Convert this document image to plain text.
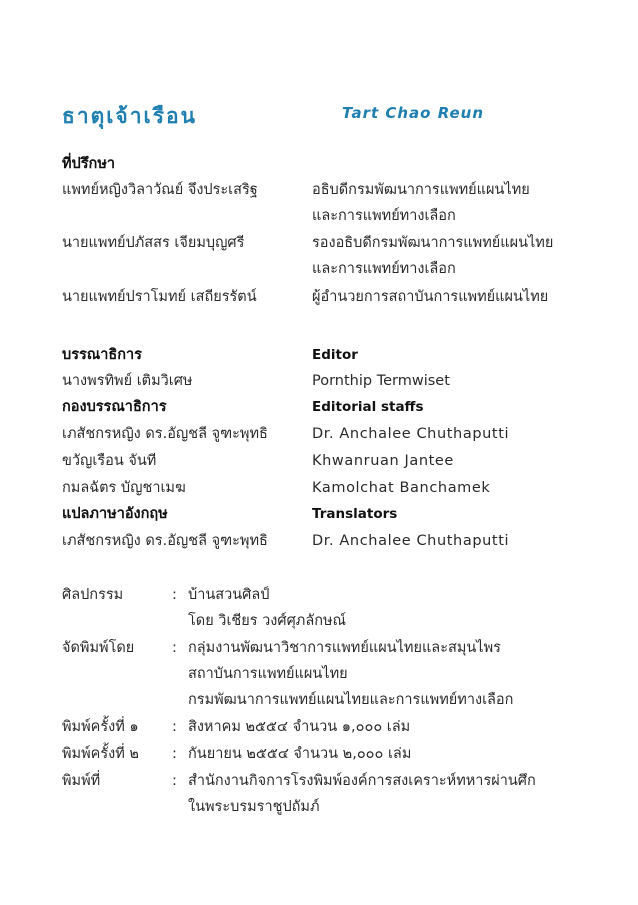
ธาตุเจ้าเรือน	Tart Chao Reun
ที่ปรึกษา
แพทย์หญิงวิลาวัณย์ จึงประเสริฐ	อธิบดีกรมพัฒนาการแพทย์แผนไทย
และการแพทย์ทางเลือก
นายแพทย์ปภัสสร เจียมบุญศรี	รองอธิบดีกรมพัฒนาการแพทย์แผนไทย
และการแพทย์ทางเลือก
นายแพทย์ปราโมทย์ เสถียรรัตน์	ผู้อำนวยการสถาบันการแพทย์แผนไทย
บรรณาธิการ	Editor
นางพรทิพย์ เติมวิเศษ	Pornthip Termwiset
กองบรรณาธิการ	Editorial staffs
เภสัชกรหญิง ดร.อัญชลี จูฑะพุทธิ	Dr. Anchalee Chuthaputti
ขวัญเรือน จันที	Khwanruan Jantee
กมลฉัตร บัญชาเมฆ	Kamolchat Banchamek
แปลภาษาอังกฤษ	Translators
เภสัชกรหญิง ดร.อัญชลี จูฑะพุทธิ	Dr. Anchalee Chuthaputti
ศิลปกรรม	: บ้านสวนศิลป์
โดย วิเชียร วงศ์ศุภลักษณ์
จัดพิมพ์โดย	: กลุ่มงานพัฒนาวิชาการแพทย์แผนไทยและสมุนไพร
สถาบันการแพทย์แผนไทย
กรมพัฒนาการแพทย์แผนไทยและการแพทย์ทางเลือก
พิมพ์ครั้งที่ ๑ : สิงหาคม ๒๕๕๔ จำนวน ๑,๐๐๐ เล่ม
พิมพ์ครั้งที่ ๒ : กันยายน ๒๕๕๔ จำนวน ๒,๐๐๐ เล่ม
พิมพ์ที่	: สำนักงานกิจการโรงพิมพ์องค์การสงเคราะห์ทหารผ่านศึก
ในพระบรมราชูปถัมภ์
